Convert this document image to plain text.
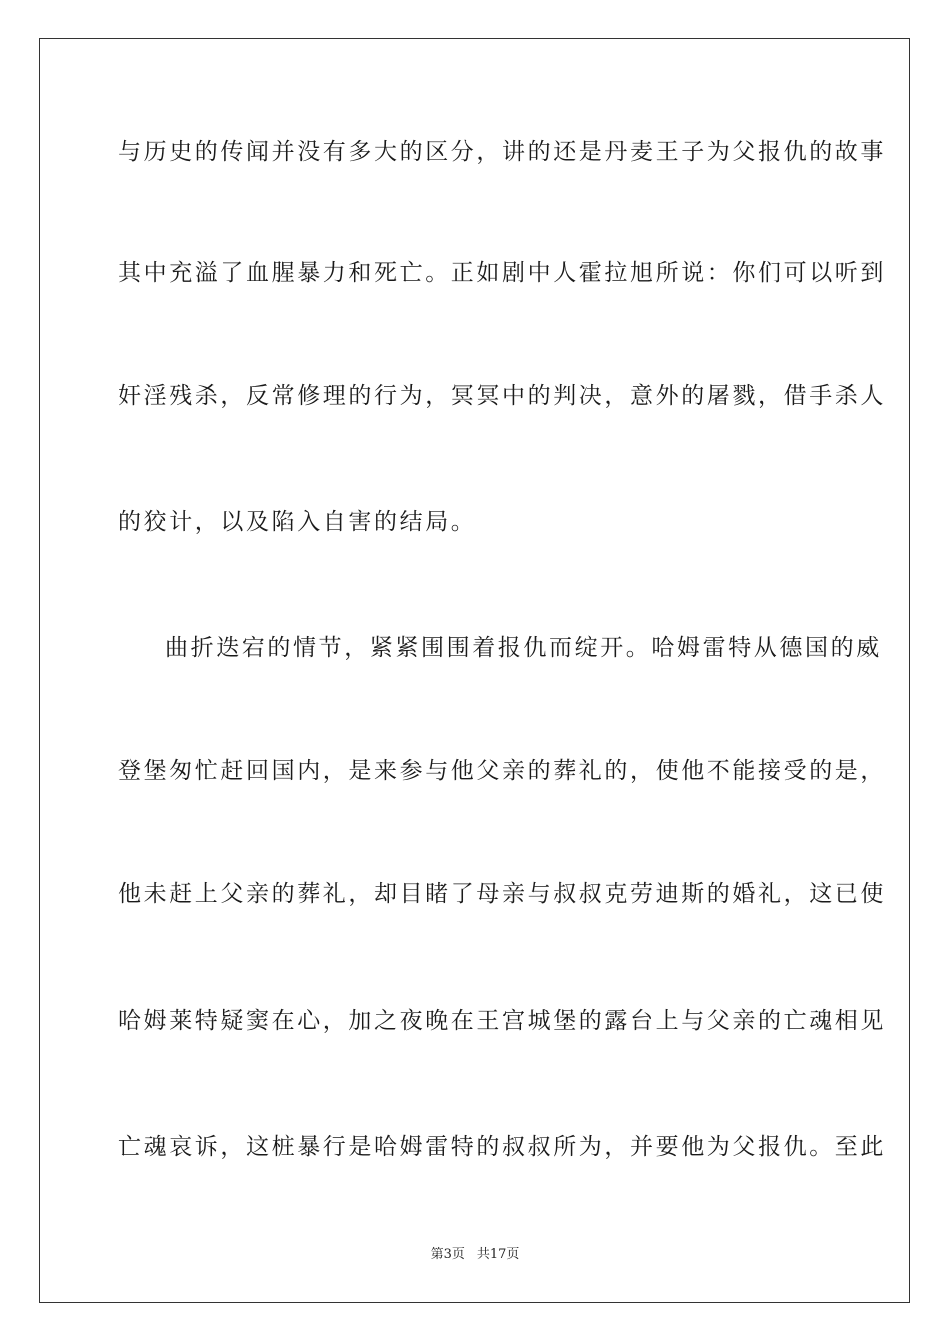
与历史的传闻并没有多大的区分，讲的还是丹麦王子为父报仇的故事
其中充溢了血腥暴力和死亡。正如剧中人霍拉旭所说：你们可以听到
奸淫残杀，反常修理的行为，冥冥中的判决，意外的屠戮，借手杀人
的狡计，以及陷入自害的结局。
曲折迭宕的情节，紧紧围围着报仇而绽开。哈姆雷特从德国的威
登堡匆忙赶回国内，是来参与他父亲的葬礼的，使他不能接受的是，
他未赶上父亲的葬礼，却目睹了母亲与叔叔克劳迪斯的婚礼，这已使
哈姆莱特疑窦在心，加之夜晚在王宫城堡的露台上与父亲的亡魂相见
亡魂哀诉，这桩暴行是哈姆雷特的叔叔所为，并要他为父报仇。至此
第3页 共17页
